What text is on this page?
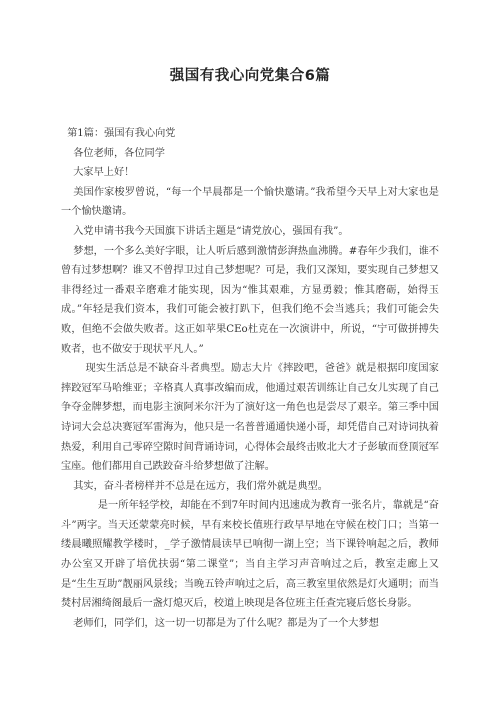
强国有我心向党集合6篇

第1篇：强国有我心向党

各位老师，各位同学

大家早上好！

美国作家梭罗曾说，“每一个早晨都是一个愉快邀请。”我希望今天早上对大家也是一个愉快邀请。

入党申请书我今天国旗下讲话主题是“请党放心，强国有我”。

梦想，一个多么美好字眼，让人听后感到激情彭湃热血沸腾。#春年少我们，谁不曾有过梦想啊？谁又不曾捍卫过自己梦想呢？可是，我们又深知，要实现自己梦想又非得经过一番艰辛磨难才能实现，因为“惟其艰难，方显勇毅；惟其磨砺，始得玉成。”年轻是我们资本，我们可能会被打趴下，但我们绝不会当逃兵；我们可能会失败，但绝不会做失败者。这正如苹果CEo杜克在一次演讲中，所说，“宁可做拼搏失败者，也不做安于现状平凡人。”

现实生活总是不缺奋斗者典型。励志大片《摔跤吧，爸爸》就是根据印度国家摔跤冠军马哈维亚；辛格真人真事改编而成，他通过艰苦训练让自己女儿实现了自己争夺金牌梦想，而电影主演阿米尔汗为了演好这一角色也是尝尽了艰辛。第三季中国诗词大会总决赛冠军雷海为，他只是一名普普通通快递小哥，却凭借自己对诗词执着热爱，利用自己零碎空隙时间背诵诗词，心得体会最终击败北大才子彭敏而登顶冠军宝座。他们都用自己跌跤奋斗给梦想做了注解。

其实，奋斗者榜样并不总是在远方，我们常外就是典型。

是一所年轻学校，却能在不到7年时间内迅速成为教育一张名片，靠就是“奋斗”两字。当天还蒙蒙亮时候，早有来校长值班行政早早地在守候在校门口；当第一缕晨曦照耀教学楼时，_学子激情晨读早已响彻一湖上空；当下课铃响起之后，教师办公室又开辟了培优扶弱“第二课堂”；当自主学习声音响过之后，教室走廊上又是“生生互助”靓丽风景线；当晚五铃声响过之后，高三教室里依然是灯火通明；而当焚村居湘绮阁最后一盏灯熄灭后，校道上映现是各位班主任查完寝后悠长身影。

老师们，同学们，这一切一切都是为了什么呢？都是为了一个大梦想
